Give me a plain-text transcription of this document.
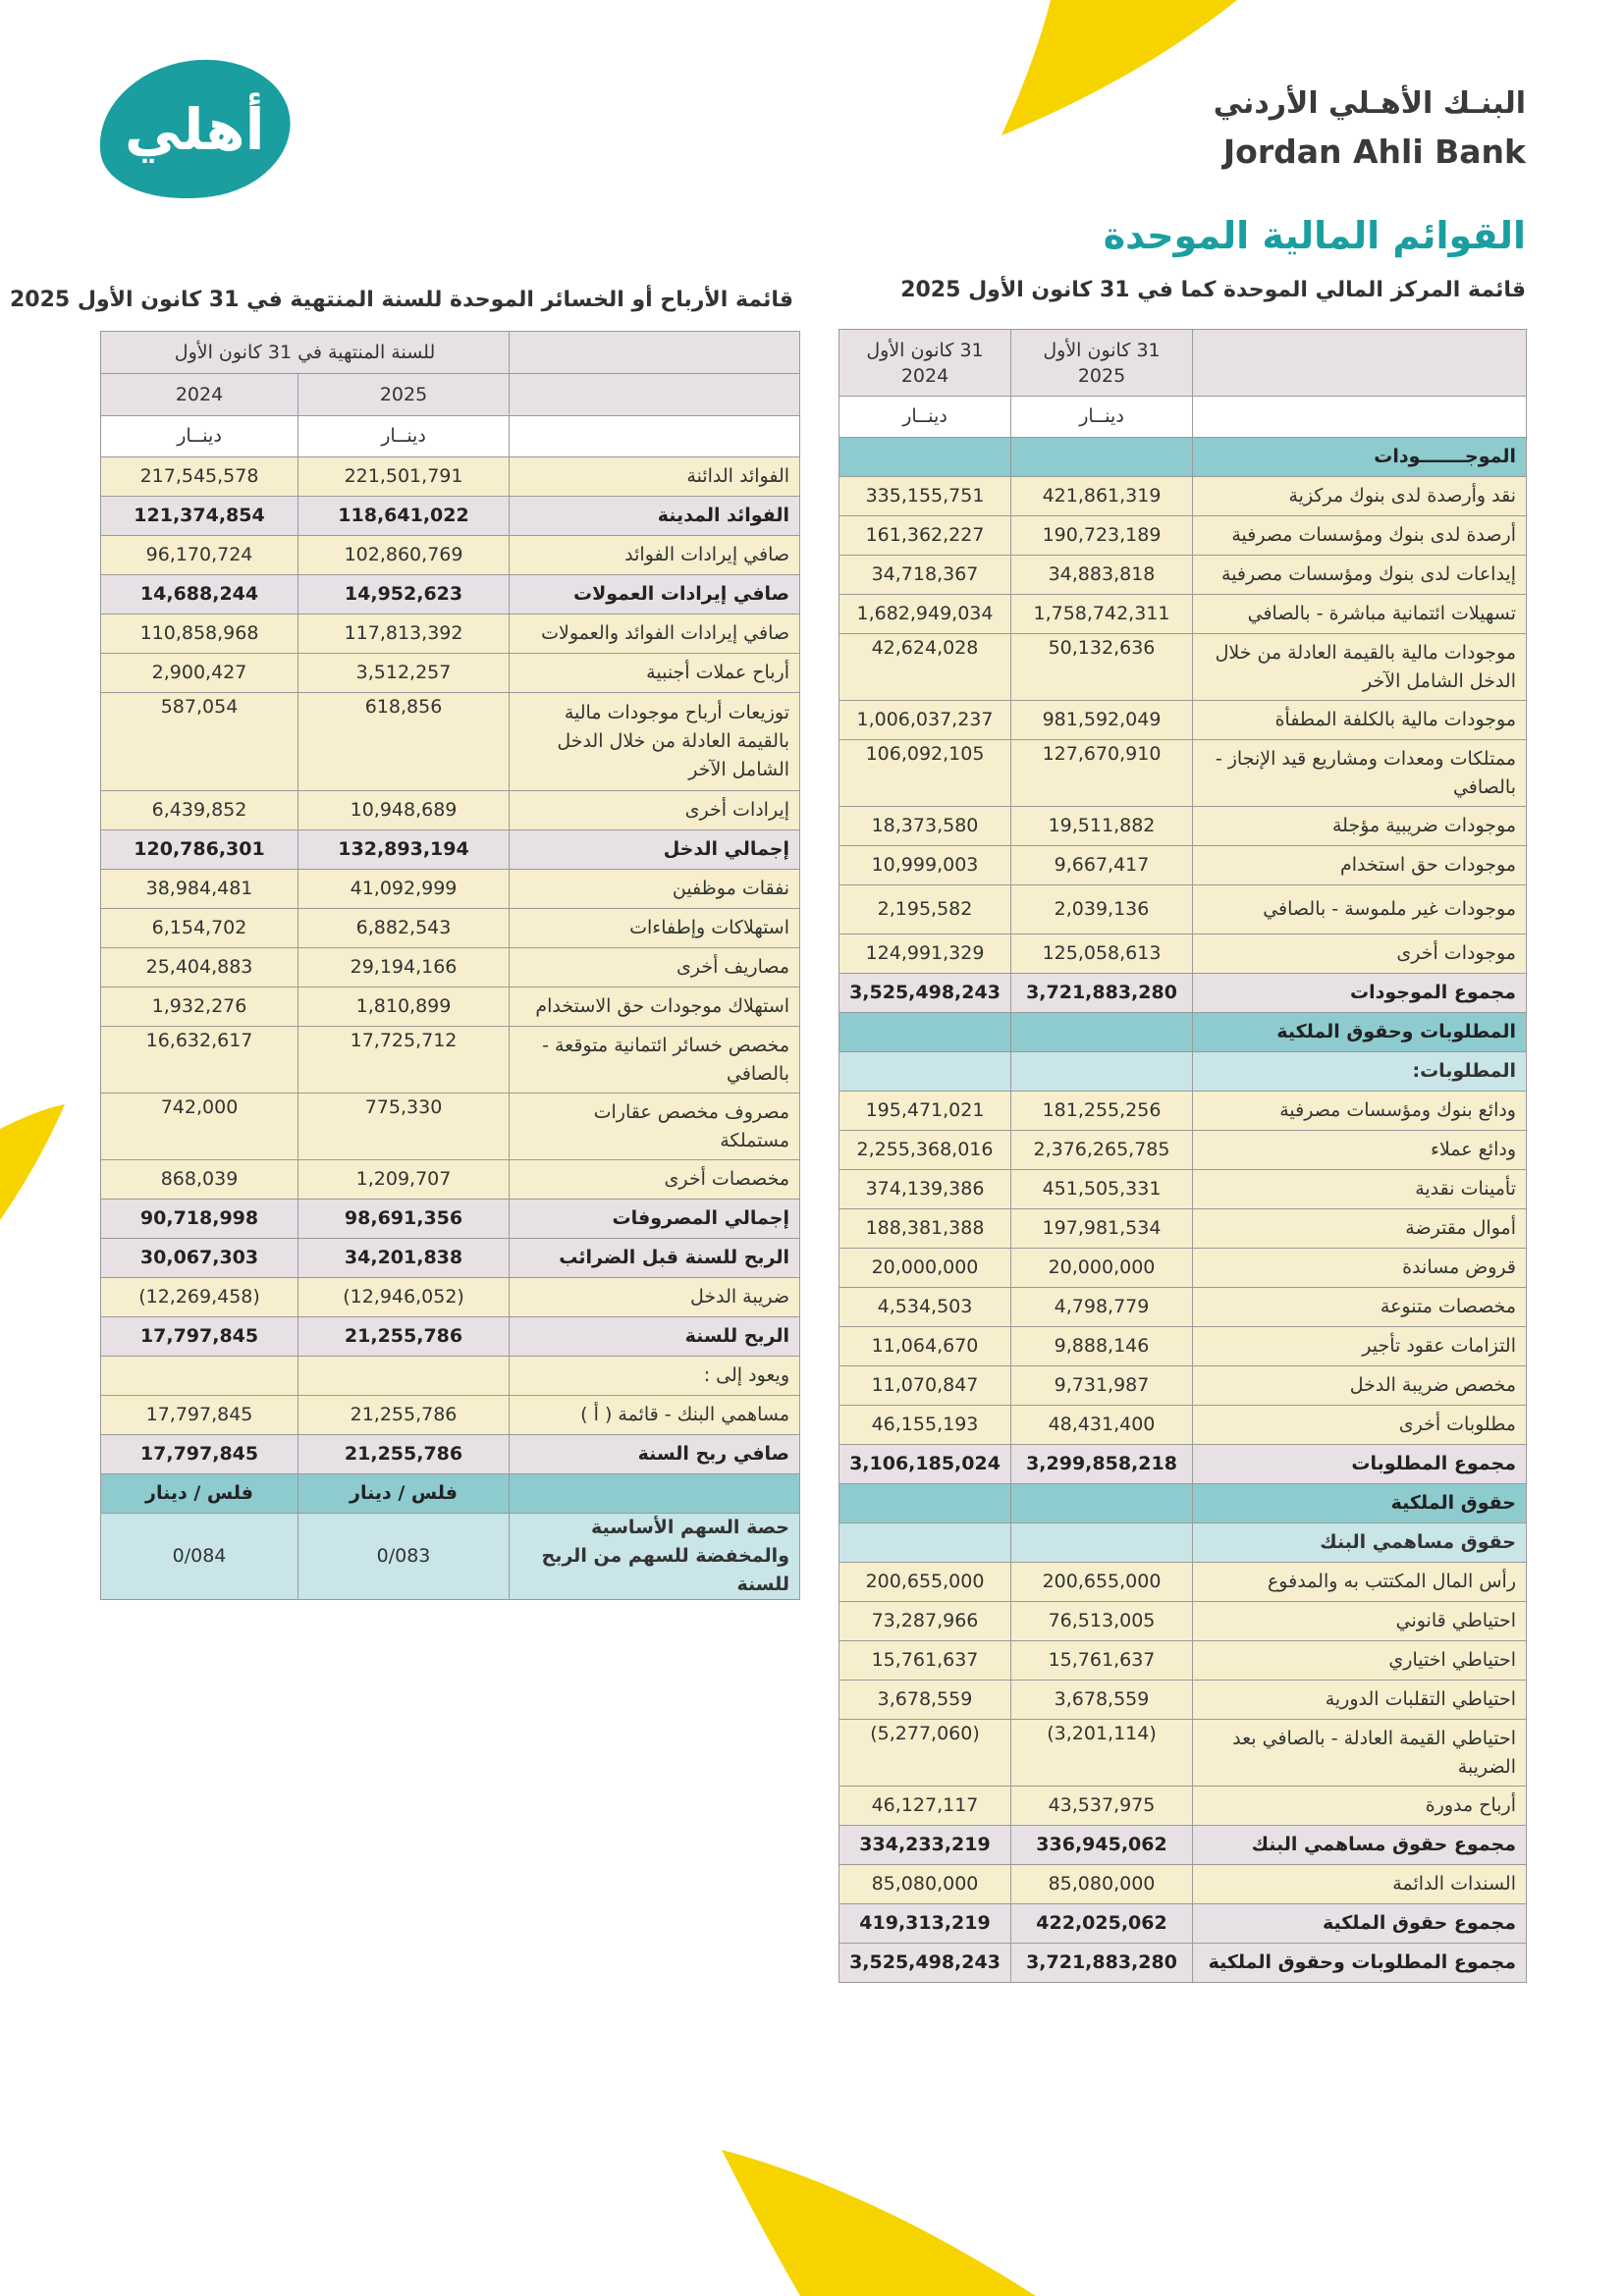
أهلي	البنـك الأهـلي الأردني
Jordan Ahli Bank
القوائم المالية الموحدة
قائمة المركز المالي الموحدة كما في 31 كانون الأول 2025
قائمة الأرباح أو الخسائر الموحدة للسنة المنتهية في 31 كانون الأول 2025
	31 كانون الأول 2025	31 كانون الأول 2024
	دينــار	دينــار
الموجـــــــودات		
نقد وأرصدة لدى بنوك مركزية	421,861,319	335,155,751
أرصدة لدى بنوك ومؤسسات مصرفية	190,723,189	161,362,227
إيداعات لدى بنوك ومؤسسات مصرفية	34,883,818	34,718,367
تسهيلات ائتمانية مباشرة - بالصافي	1,758,742,311	1,682,949,034
موجودات مالية بالقيمة العادلة من خلال الدخل الشامل الآخر	50,132,636	42,624,028
موجودات مالية بالكلفة المطفأة	981,592,049	1,006,037,237
ممتلكات ومعدات ومشاريع قيد الإنجاز - بالصافي	127,670,910	106,092,105
موجودات ضريبية مؤجلة	19,511,882	18,373,580
موجودات حق استخدام	9,667,417	10,999,003
موجودات غير ملموسة - بالصافي	2,039,136	2,195,582
موجودات أخرى	125,058,613	124,991,329
مجموع الموجودات	3,721,883,280	3,525,498,243
المطلوبات وحقوق الملكية		
المطلوبات:		
ودائع بنوك ومؤسسات مصرفية	181,255,256	195,471,021
ودائع عملاء	2,376,265,785	2,255,368,016
تأمينات نقدية	451,505,331	374,139,386
أموال مقترضة	197,981,534	188,381,388
قروض مساندة	20,000,000	20,000,000
مخصصات متنوعة	4,798,779	4,534,503
التزامات عقود تأجير	9,888,146	11,064,670
مخصص ضريبة الدخل	9,731,987	11,070,847
مطلوبات أخرى	48,431,400	46,155,193
مجموع المطلوبات	3,299,858,218	3,106,185,024
حقوق الملكية		
حقوق مساهمي البنك		
رأس المال المكتتب به والمدفوع	200,655,000	200,655,000
احتياطي قانوني	76,513,005	73,287,966
احتياطي اختياري	15,761,637	15,761,637
احتياطي التقلبات الدورية	3,678,559	3,678,559
احتياطي القيمة العادلة - بالصافي بعد الضريبة	(3,201,114)	(5,277,060)
أرباح مدورة	43,537,975	46,127,117
مجموع حقوق مساهمي البنك	336,945,062	334,233,219
السندات الدائمة	85,080,000	85,080,000
مجموع حقوق الملكية	422,025,062	419,313,219
مجموع المطلوبات وحقوق الملكية	3,721,883,280	3,525,498,243
	للسنة المنتهية في 31 كانون الأول	
	2025	2024
	دينــار	دينــار
الفوائد الدائنة	221,501,791	217,545,578
الفوائد المدينة	118,641,022	121,374,854
صافي إيرادات الفوائد	102,860,769	96,170,724
صافي إيرادات العمولات	14,952,623	14,688,244
صافي إيرادات الفوائد والعمولات	117,813,392	110,858,968
أرباح عملات أجنبية	3,512,257	2,900,427
توزيعات أرباح موجودات مالية بالقيمة العادلة من خلال الدخل الشامل الآخر	618,856	587,054
إيرادات أخرى	10,948,689	6,439,852
إجمالي الدخل	132,893,194	120,786,301
نفقات موظفين	41,092,999	38,984,481
استهلاكات وإطفاءات	6,882,543	6,154,702
مصاريف أخرى	29,194,166	25,404,883
استهلاك موجودات حق الاستخدام	1,810,899	1,932,276
مخصص خسائر ائتمانية متوقعة - بالصافي	17,725,712	16,632,617
مصروف مخصص عقارات مستملكة	775,330	742,000
مخصصات أخرى	1,209,707	868,039
إجمالي المصروفات	98,691,356	90,718,998
الربح للسنة قبل الضرائب	34,201,838	30,067,303
ضريبة الدخل	(12,946,052)	(12,269,458)
الربح للسنة	21,255,786	17,797,845
ويعود إلى :		
مساهمي البنك - قائمة ( أ )	21,255,786	17,797,845
صافي ربح السنة	21,255,786	17,797,845
	فلس / دينار	فلس / دينار
حصة السهم الأساسية والمخفضة للسهم من الربح للسنة	0/083	0/084
